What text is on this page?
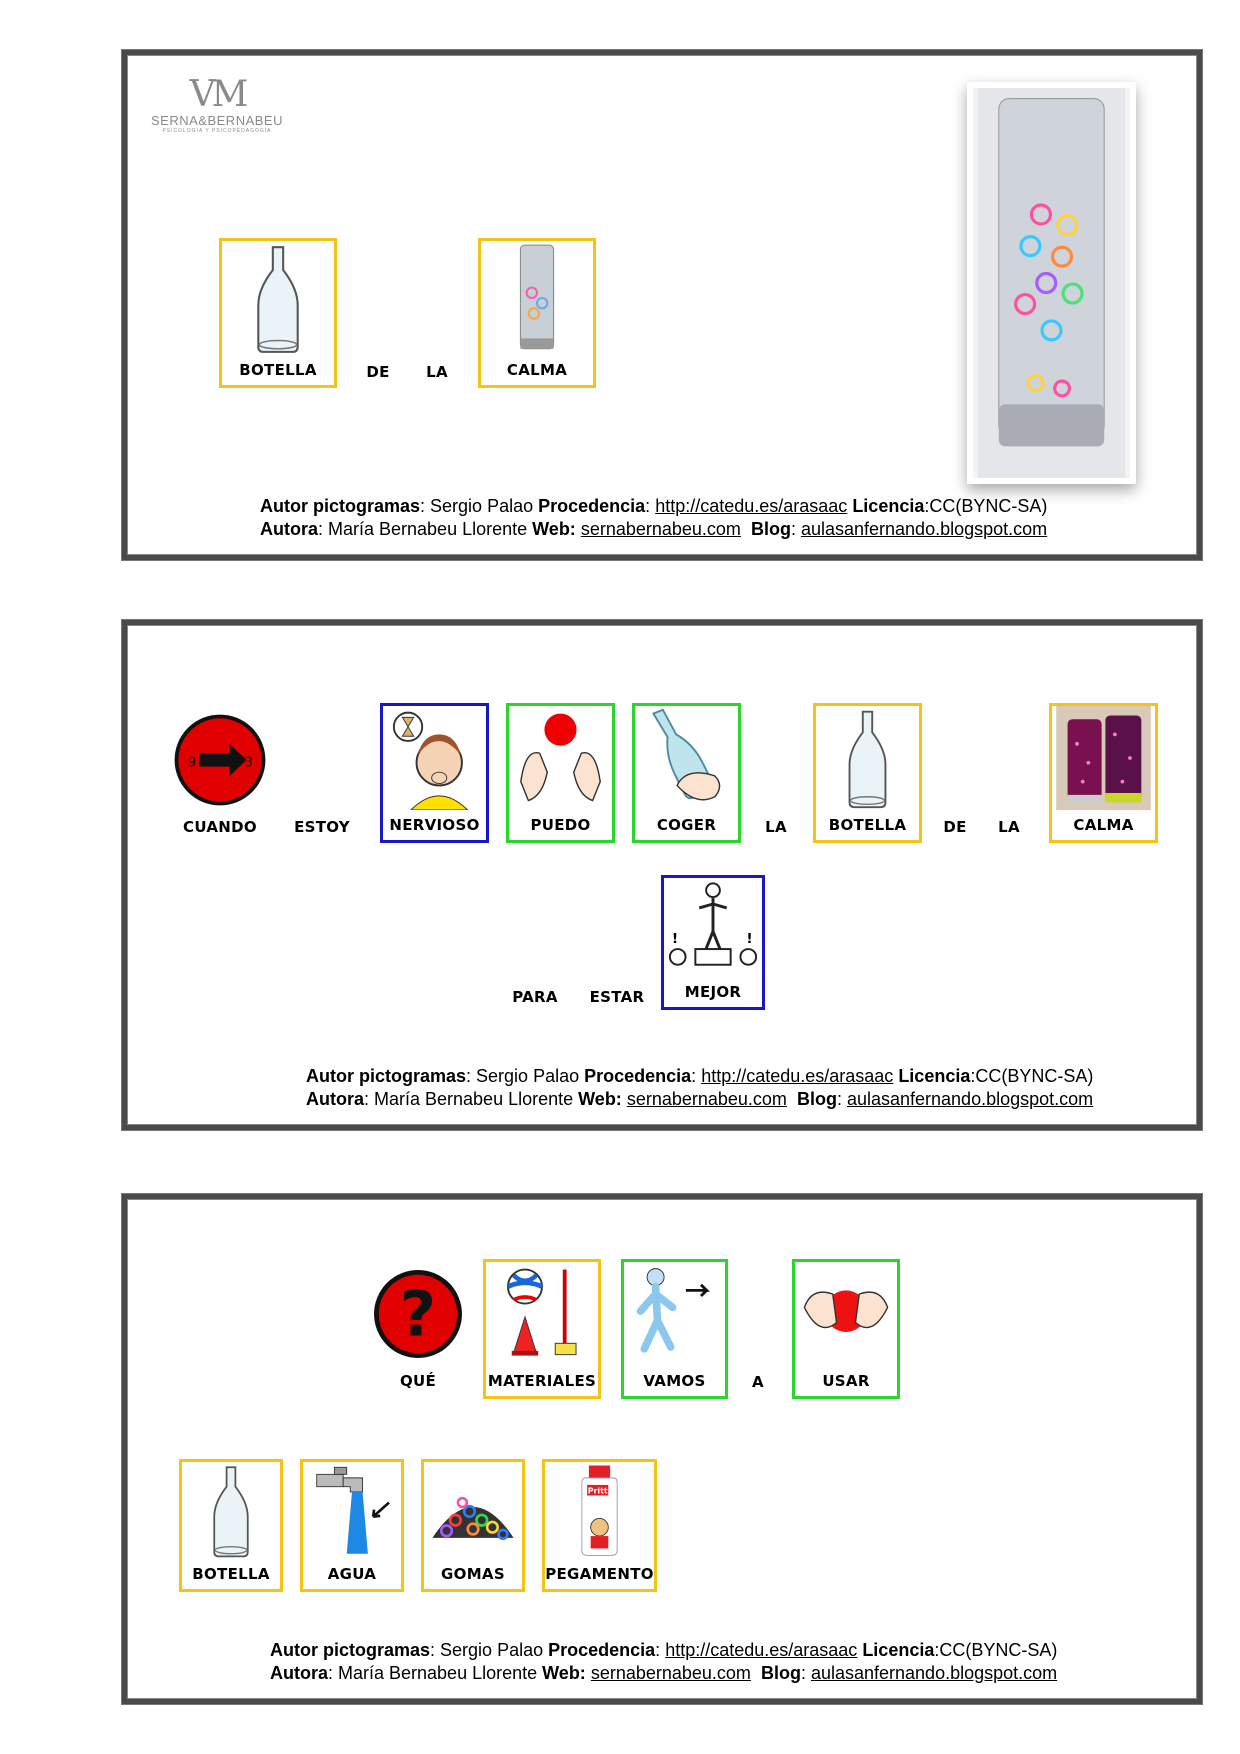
VM
SERNA&BERNABEU
PSICOLOGÍA Y PSICOPEDAGOGÍA
BOTELLA	DE	LA	CALMA
Autor pictogramas: Sergio Palao Procedencia: http://catedu.es/arasaac Licencia:CC(BYNC-SA)
Autora: María Bernabeu Llorente Web: sernabernabeu.com Blog: aulasanfernando.blogspot.com
9	3
CUANDO	ESTOY	NERVIOSO	PUEDO	COGER	LA	BOTELLA	DE	LA	CALMA
PARA	ESTAR
!	!
MEJOR
Autor pictogramas: Sergio Palao Procedencia: http://catedu.es/arasaac Licencia:CC(BYNC-SA)
Autora: María Bernabeu Llorente Web: sernabernabeu.com Blog: aulasanfernando.blogspot.com
?
QUÉ	MATERIALES	VAMOS	A	USAR
BOTELLA	AGUA	GOMAS
Pritt
PEGAMENTO
Autor pictogramas: Sergio Palao Procedencia: http://catedu.es/arasaac Licencia:CC(BYNC-SA)
Autora: María Bernabeu Llorente Web: sernabernabeu.com Blog: aulasanfernando.blogspot.com
